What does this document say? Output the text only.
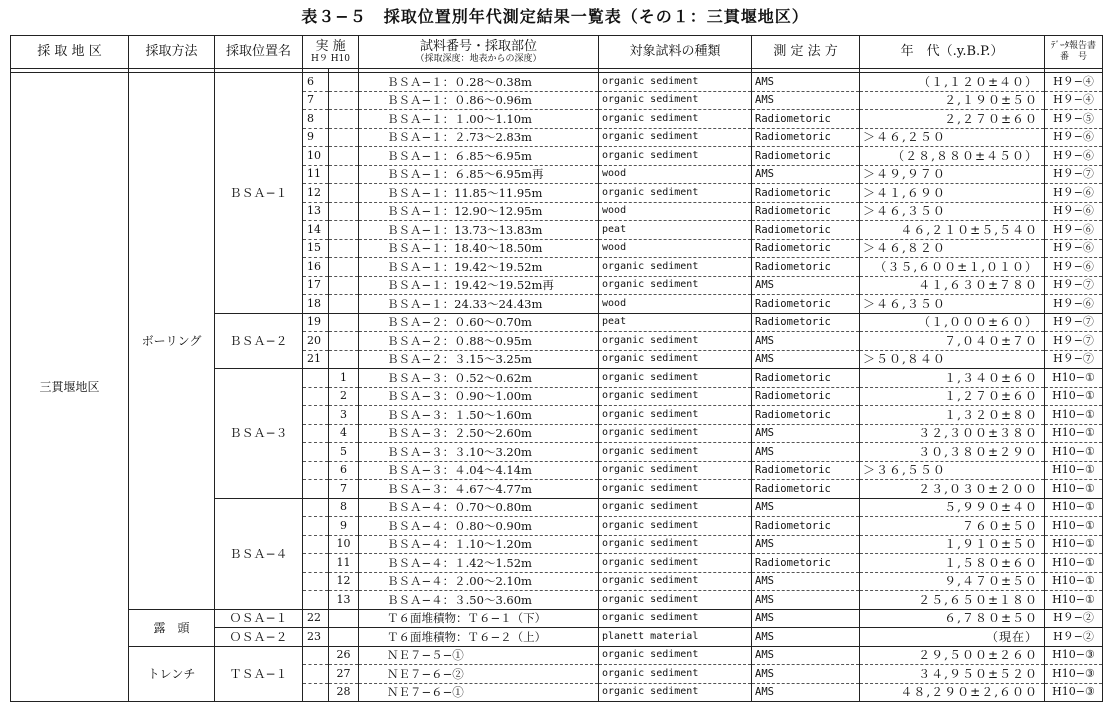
表３−５　採取位置別年代測定結果一覧表（その１：三貫堰地区）
採 取 地 区	採取方法	採取位置名	実 施
H９ H10		試料番号・採取部位
（採取深度：地表からの深度）	対象試料の種類	測 定 法 方	年　代（.y.B.P.）	ﾃﾞｰﾀ報告書
番　号

三貫堰地区	ボーリング	ＢＳＡ−１	6		ＢＳＡ−１：０.28〜0.38m	organic sediment	AMS	（１,１２０±４０）	H９−④
			7		ＢＳＡ−１：０.86〜0.96m	organic sediment	AMS	２,１９０±５０	H９−④
			8		ＢＳＡ−１：１.00〜1.10m	organic sediment	Radiometoric	２,２７０±６０	H９−⑤
			9		ＢＳＡ−１：２.73〜2.83m	organic sediment	Radiometoric	＞４６,２５０	H９−⑥
			10		ＢＳＡ−１：６.85〜6.95m	organic sediment	Radiometoric	（２８,８８０±４５０）	H９−⑥
			11		ＢＳＡ−１：６.85〜6.95m再	wood	AMS	＞４９,９７０	H９−⑦
			12		ＢＳＡ−１：11.85〜11.95m	organic sediment	Radiometoric	＞４１,６９０	H９−⑥
			13		ＢＳＡ−１：12.90〜12.95m	wood	Radiometoric	＞４６,３５０	H９−⑥
			14		ＢＳＡ−１：13.73〜13.83m	peat	Radiometoric	４６,２１０±５,５４０	H９−⑥
			15		ＢＳＡ−１：18.40〜18.50m	wood	Radiometoric	＞４６,８２０	H９−⑥
			16		ＢＳＡ−１：19.42〜19.52m	organic sediment	Radiometoric	（３５,６００±１,０１０）	H９−⑥
			17		ＢＳＡ−１：19.42〜19.52m再	organic sediment	AMS	４１,６３０±７８０	H９−⑦
			18		ＢＳＡ−１：24.33〜24.43m	wood	Radiometoric	＞４６,３５０	H９−⑥
		ＢＳＡ−２	19		ＢＳＡ−２：０.60〜0.70m	peat	Radiometoric	（１,０００±６０）	H９−⑦
			20		ＢＳＡ−２：０.88〜0.95m	organic sediment	AMS	７,０４０±７０	H９−⑦
			21		ＢＳＡ−２：３.15〜3.25m	organic sediment	AMS	＞５０,８４０	H９−⑦
		ＢＳＡ−３		1	ＢＳＡ−３：０.52〜0.62m	organic sediment	Radiometoric	１,３４０±６０	H10−①
				2	ＢＳＡ−３：０.90〜1.00m	organic sediment	Radiometoric	１,２７０±６０	H10−①
				3	ＢＳＡ−３：１.50〜1.60m	organic sediment	Radiometoric	１,３２０±８０	H10−①
				4	ＢＳＡ−３：２.50〜2.60m	organic sediment	AMS	３２,３００±３８０	H10−①
				5	ＢＳＡ−３：３.10〜3.20m	organic sediment	AMS	３０,３８０±２９０	H10−①
				6	ＢＳＡ−３：４.04〜4.14m	organic sediment	Radiometoric	＞３６,５５０	H10−①
				7	ＢＳＡ−３：４.67〜4.77m	organic sediment	Radiometoric	２３,０３０±２００	H10−①
		ＢＳＡ−４		8	ＢＳＡ−４：０.70〜0.80m	organic sediment	AMS	５,９９０±４０	H10−①
				9	ＢＳＡ−４：０.80〜0.90m	organic sediment	Radiometoric	７６０±５０	H10−①
				10	ＢＳＡ−４：１.10〜1.20m	organic sediment	AMS	１,９１０±５０	H10−①
				11	ＢＳＡ−４：１.42〜1.52m	organic sediment	Radiometoric	１,５８０±６０	H10−①
				12	ＢＳＡ−４：２.00〜2.10m	organic sediment	AMS	９,４７０±５０	H10−①
				13	ＢＳＡ−４：３.50〜3.60m	organic sediment	AMS	２５,６５０±１８０	H10−①
	露　頭	ＯＳＡ−１	22		Ｔ６面堆積物：Ｔ６−１（下）	organic sediment	AMS	６,７８０±５０	H９−②
		ＯＳＡ−２	23		Ｔ６面堆積物：Ｔ６−２（上）	planett material	AMS	（現在）	H９−②
	トレンチ	ＴＳＡ−１		26	ＮＥ７−５−①	organic sediment	AMS	２９,５００±２６０	H10−③
				27	ＮＥ７−６−②	organic sediment	AMS	３４,９５０±５２０	H10−③
				28	ＮＥ７−６−①	organic sediment	AMS	４８,２９０±２,６００	H10−③
